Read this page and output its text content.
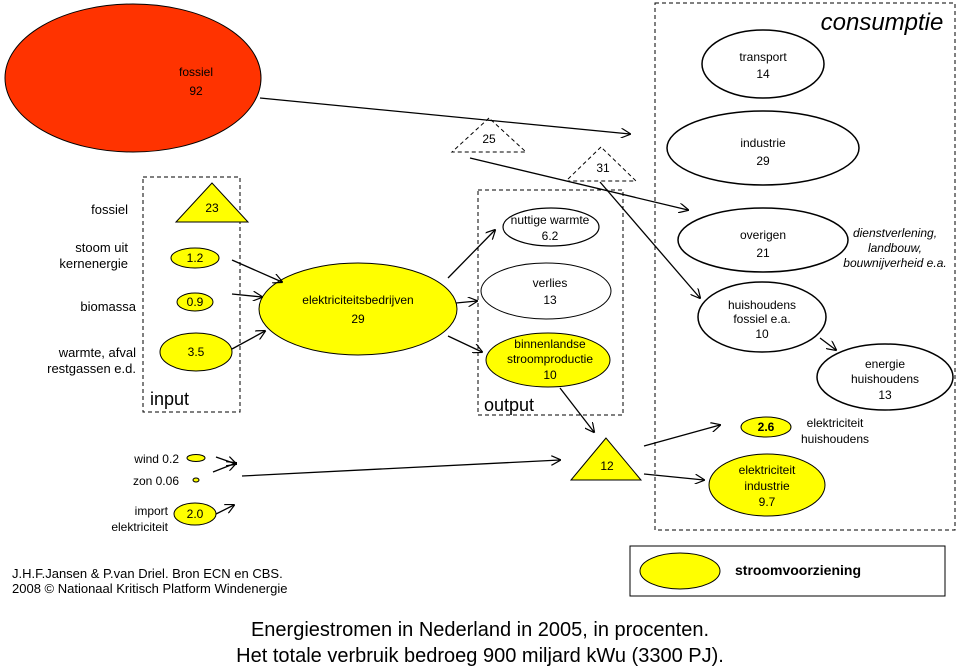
consumptie
fossiel
92
transport
14
industrie
29
overigen
21
dienstverlening,
landbouw,
bouwnijverheid e.a.
huishoudens
fossiel e.a.
10
energie
huishoudens
13
2.6	elektriciteit
huishoudens
elektriciteit
industrie
9.7
25
31
12
fossiel
stoom uit
kernenergie
biomassa
warmte, afval
restgassen e.d.
wind 0.2
zon 0.06
import
elektriciteit
23
1.2
0.9
3.5
2.0
input
elektriciteitsbedrijven
29
nuttige warmte
6.2
verlies
13
binnenlandse
stroomproductie
10
output
J.H.F.Jansen & P.van Driel. Bron ECN en CBS.
2008 © Nationaal Kritisch Platform Windenergie
stroomvoorziening
Energiestromen in Nederland in 2005, in procenten.
Het totale verbruik bedroeg 900 miljard kWu (3300 PJ).
